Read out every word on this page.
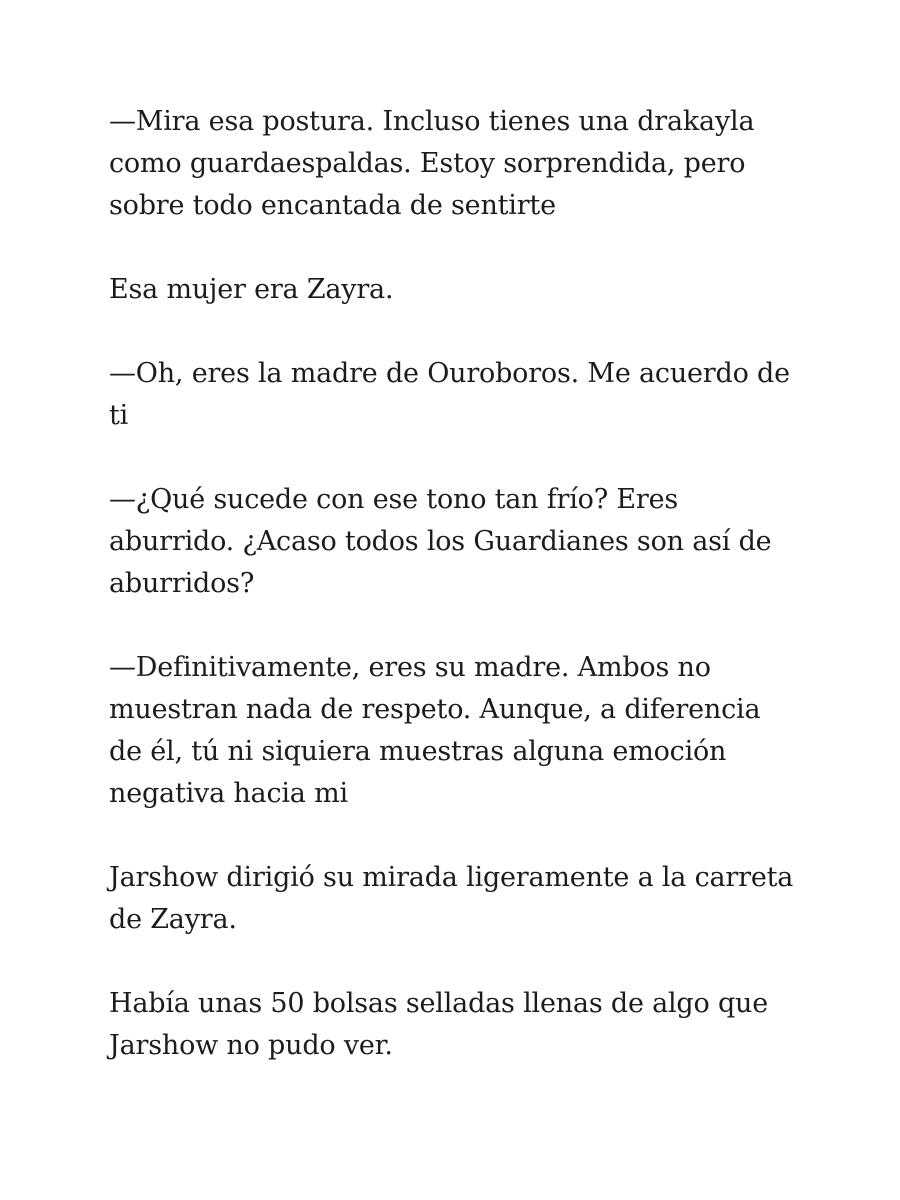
—Mira esa postura. Incluso tienes una drakayla como guardaespaldas. Estoy sorprendida, pero sobre todo encantada de sentirte

Esa mujer era Zayra.

—Oh, eres la madre de Ouroboros. Me acuerdo de ti

—¿Qué sucede con ese tono tan frío? Eres aburrido. ¿Acaso todos los Guardianes son así de aburridos?

—Definitivamente, eres su madre. Ambos no muestran nada de respeto. Aunque, a diferencia de él, tú ni siquiera muestras alguna emoción negativa hacia mi

Jarshow dirigió su mirada ligeramente a la carreta de Zayra.

Había unas 50 bolsas selladas llenas de algo que Jarshow no pudo ver.
